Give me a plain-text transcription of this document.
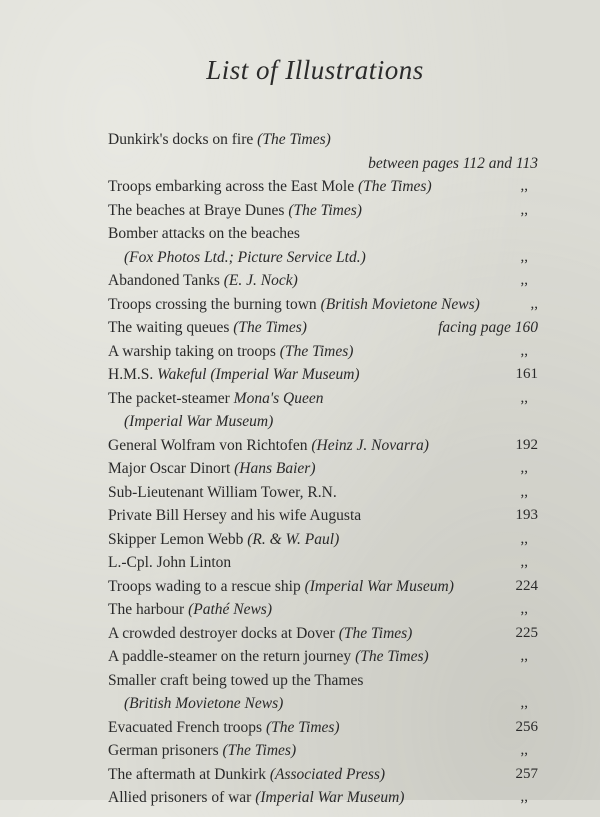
List of Illustrations
Dunkirk's docks on fire (The Times)
between pages 112 and 113
Troops embarking across the East Mole (The Times)	,,
The beaches at Braye Dunes (The Times)	,,
Bomber attacks on the beaches
(Fox Photos Ltd.; Picture Service Ltd.)	,,
Abandoned Tanks (E. J. Nock)	,,
Troops crossing the burning town (British Movietone News)	,,
The waiting queues (The Times)	facing page 160
A warship taking on troops (The Times)	,,
H.M.S. Wakeful (Imperial War Museum)	161
The packet-steamer Mona's Queen	,,
(Imperial War Museum)
General Wolfram von Richtofen (Heinz J. Novarra)	192
Major Oscar Dinort (Hans Baier)	,,
Sub-Lieutenant William Tower, R.N.	,,
Private Bill Hersey and his wife Augusta	193
Skipper Lemon Webb (R. & W. Paul)	,,
L.-Cpl. John Linton	,,
Troops wading to a rescue ship (Imperial War Museum)	224
The harbour (Pathé News)	,,
A crowded destroyer docks at Dover (The Times)	225
A paddle-steamer on the return journey (The Times)	,,
Smaller craft being towed up the Thames
(British Movietone News)	,,
Evacuated French troops (The Times)	256
German prisoners (The Times)	,,
The aftermath at Dunkirk (Associated Press)	257
Allied prisoners of war (Imperial War Museum)	,,
